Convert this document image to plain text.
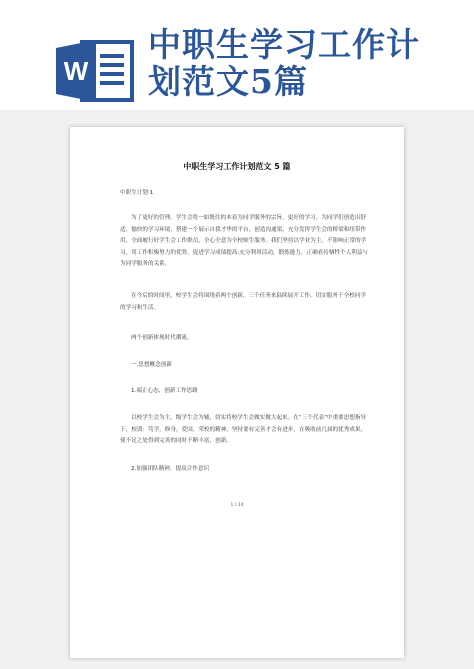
W
中职生学习工作计
划范文5篇

中职生学习工作计划范文 5 篇

中职生计划 1

为了更好的管理，学生会将一如既往的本着为同学服务的宗旨，更好的学习，为同学们创造出舒适、愉快的学习环境，搭建一个展示自我才华的平台，创造沟通渠，充分发挥学生会的桥梁和纽带作用，全面履行好学生会工作职员，全心全意为全校师生服务。我们坚持以学业为主，不影响正常的学习，用工作积极努力的优势，促进学习成绩提高;充分利用活动，锻炼能力，正确看待牺牲个人利益与为同学服务的关系。

在今后的时间里，校学生会将围绕着两个创新，三个任务来陆续展开工作，切实服务于全校同学的学习和生活。

两个创新体现时代潮流。

一.思想概念创新

1.端正心态，创新工作思路

以校学生会为主，级学生会为辅，切实将校学生会做实做大起来。在“三个代表”中重要思想指导下，校训：笃学，修身，爱国，荣校的精神，坚持要有完善才会有进步，在吸收前几届的优秀成果，使不足之处得到完善的同时不断丰富，创新。

2.加强团队精神，提高合作意识

1 / 14
